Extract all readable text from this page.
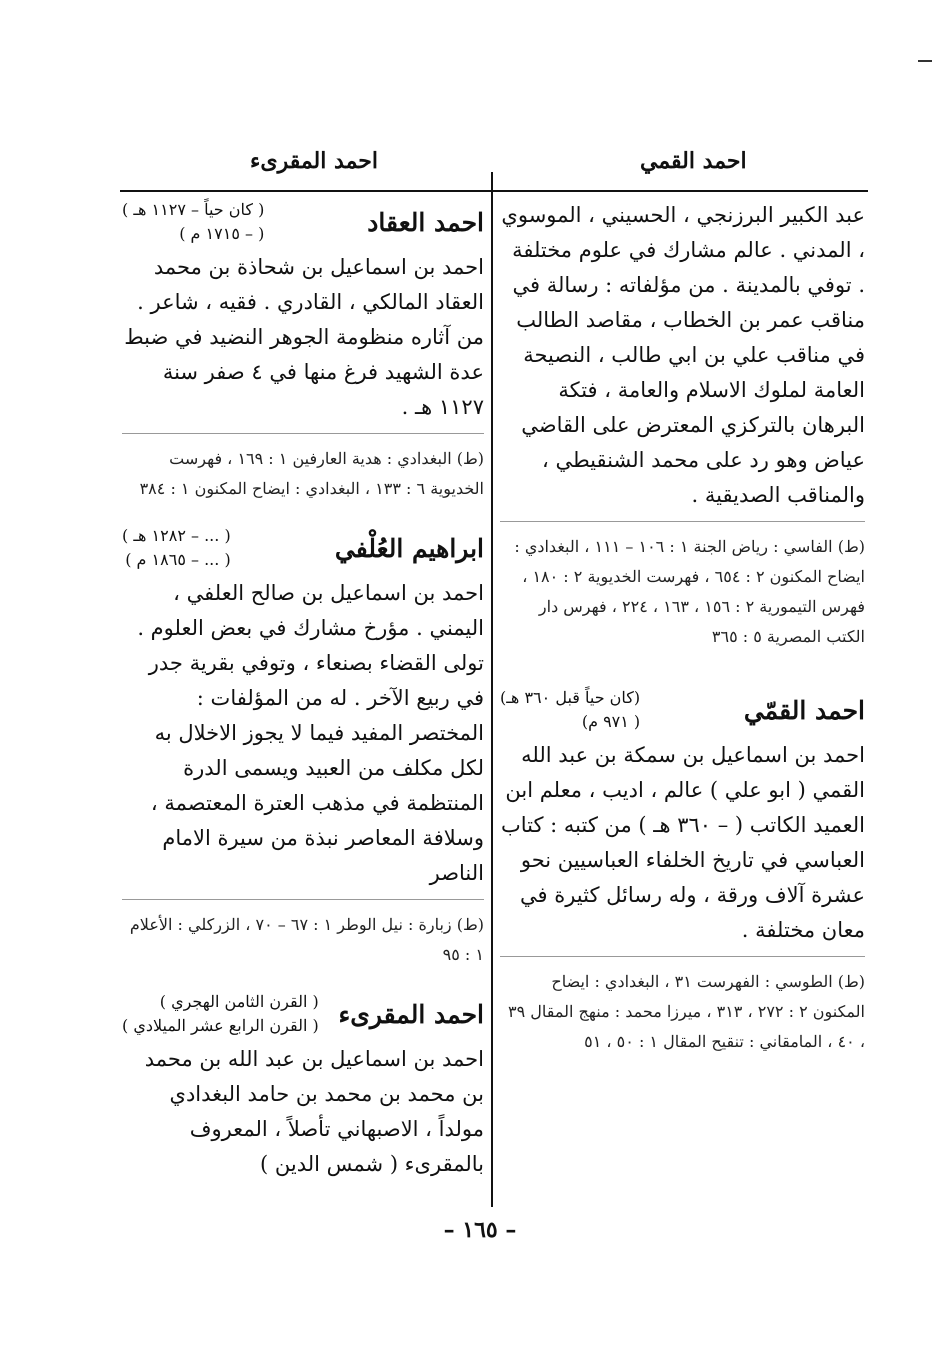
احمد القمي
احمد المقرىء

عبد الكبير البرزنجي ، الحسيني ، الموسوي ، المدني . عالم مشارك في علوم مختلفة . توفي بالمدينة . من مؤلفاته : رسالة في مناقب عمر بن الخطاب ، مقاصد الطالب في مناقب علي بن ابي طالب ، النصيحة العامة لملوك الاسلام والعامة ، فتكة البرهان بالتركزي المعترض على القاضي عياض وهو رد على محمد الشنقيطي ، والمناقب الصديقية .

(ط) الفاسي : رياض الجنة ١ : ١٠٦ – ١١١ ، البغدادي : ايضاح المكنون ٢ : ٦٥٤ ، فهرست الخديوية ٢ : ١٨٠ ، فهرس التيمورية ٢ : ١٥٦ ، ١٦٣ ، ٢٢٤ ، فهرس دار الكتب المصرية ٥ : ٣٦٥

احمد القمّي
(كان حياً قبل ٣٦٠ هـ)
( ٩٧١ م)

احمد بن اسماعيل بن سمكة بن عبد الله القمي ( ابو علي ) عالم ، اديب ، معلم ابن العميد الكاتب ( – ٣٦٠ هـ ) من كتبه : كتاب العباسي في تاريخ الخلفاء العباسيين نحو عشرة آلاف ورقة ، وله رسائل كثيرة في معان مختلفة .

(ط) الطوسي : الفهرست ٣١ ، البغدادي : ايضاح المكنون ٢ : ٢٧٢ ، ٣١٣ ، ميرزا محمد : منهج المقال ٣٩ ، ٤٠ ، المامقاني : تنقيح المقال ١ : ٥٠ ، ٥١

احمد العقاد
( كان حياً – ١١٢٧ هـ )
( – ١٧١٥ م )

احمد بن اسماعيل بن شحاذة بن محمد العقاد المالكي ، القادري . فقيه ، شاعر . من آثاره منظومة الجوهر النضيد في ضبط عدة الشهيد فرغ منها في ٤ صفر سنة ١١٢٧ هـ .

(ط) البغدادي : هدية العارفين ١ : ١٦٩ ، فهرست الخديوية ٦ : ١٣٣ ، البغدادي : ايضاح المكنون ١ : ٣٨٤

ابراهيم العُلْفي
( ... – ١٢٨٢ هـ )
( ... – ١٨٦٥ م )

احمد بن اسماعيل بن صالح العلفي ، اليمني . مؤرخ مشارك في بعض العلوم . تولى القضاء بصنعاء ، وتوفي بقرية جدر في ربيع الآخر . له من المؤلفات : المختصر المفيد فيما لا يجوز الاخلال به لكل مكلف من العبيد ويسمى الدرة المنتظمة في مذهب العترة المعتصمة ، وسلافة المعاصر نبذة من سيرة الامام الناصر

(ط) زبارة : نيل الوطر ١ : ٦٧ – ٧٠ ، الزركلي : الأعلام ١ : ٩٥

احمد المقرىء
( القرن الثامن الهجري )
( القرن الرابع عشر الميلادي )

احمد بن اسماعيل بن عبد الله بن محمد بن محمد بن محمد بن حامد البغدادي مولداً ، الاصبهاني تأصلاً ، المعروف بالمقرىء ( شمس الدين )

– ١٦٥ –
